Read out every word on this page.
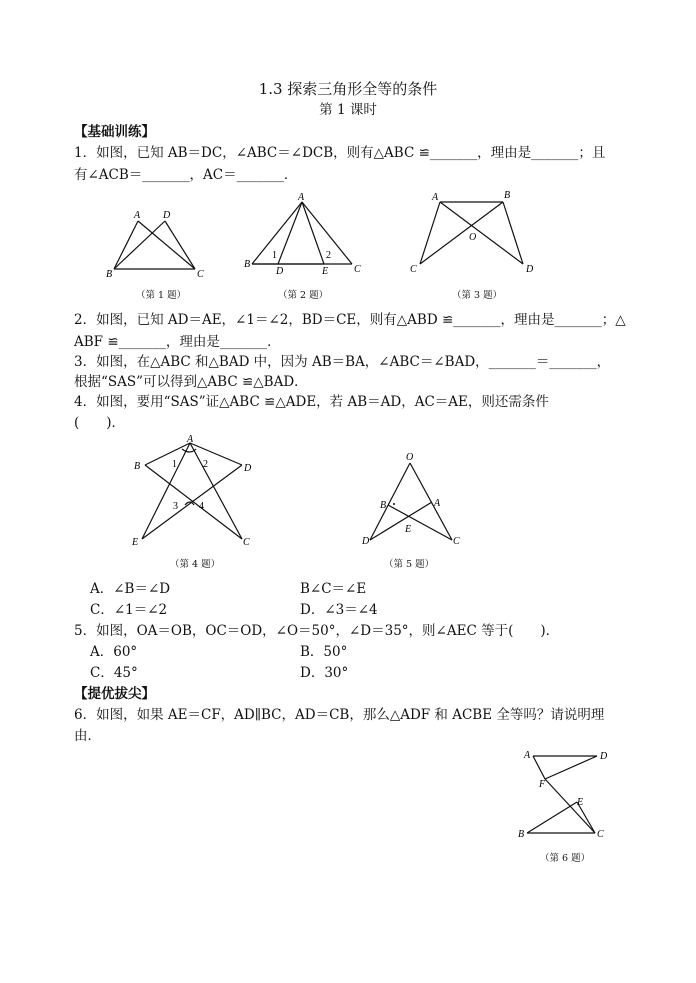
1.3 探索三角形全等的条件
第 1 课时
【基础训练】
1．如图，已知 AB＝DC，∠ABC＝∠DCB，则有△ABC ≌_______，理由是_______；且
有∠ACB＝_______，AC＝_______．
A D
B	C
（第 1 题）
A
B
D	E	C
1	2
（第 2 题）
A	B
O
C	D
（第 3 题）
2．如图，已知 AD＝AE，∠1＝∠2，BD＝CE，则有△ABD ≌_______，理由是_______；△
ABF ≌_______，理由是_______．
3．如图，在△ABC 和△BAD 中，因为 AB＝BA，∠ABC＝∠BAD，_______＝_______，
根据“SAS”可以得到△ABC ≌△BAD．
4．如图，要用“SAS”证△ABC ≌△ADE，若 AB＝AD，AC＝AE，则还需条件
(　　)．
A
B	D
E	C
1	2
3 4
（第 4 题）
O
B	A
E
D	C
（第 5 题）
A．∠B＝∠D	B∠C＝∠E
C．∠1＝∠2	D．∠3＝∠4
5．如图，OA＝OB，OC＝OD，∠O＝50°，∠D＝35°，则∠AEC 等于(　　)．
A．60°	B．50°
C．45°	D．30°
【提优拔尖】
6．如图，如果 AE＝CF，AD∥BC，AD＝CB，那么△ADF 和 ACBE 全等吗？请说明理
由．
A	D
F
E
B	C
（第 6 题）
